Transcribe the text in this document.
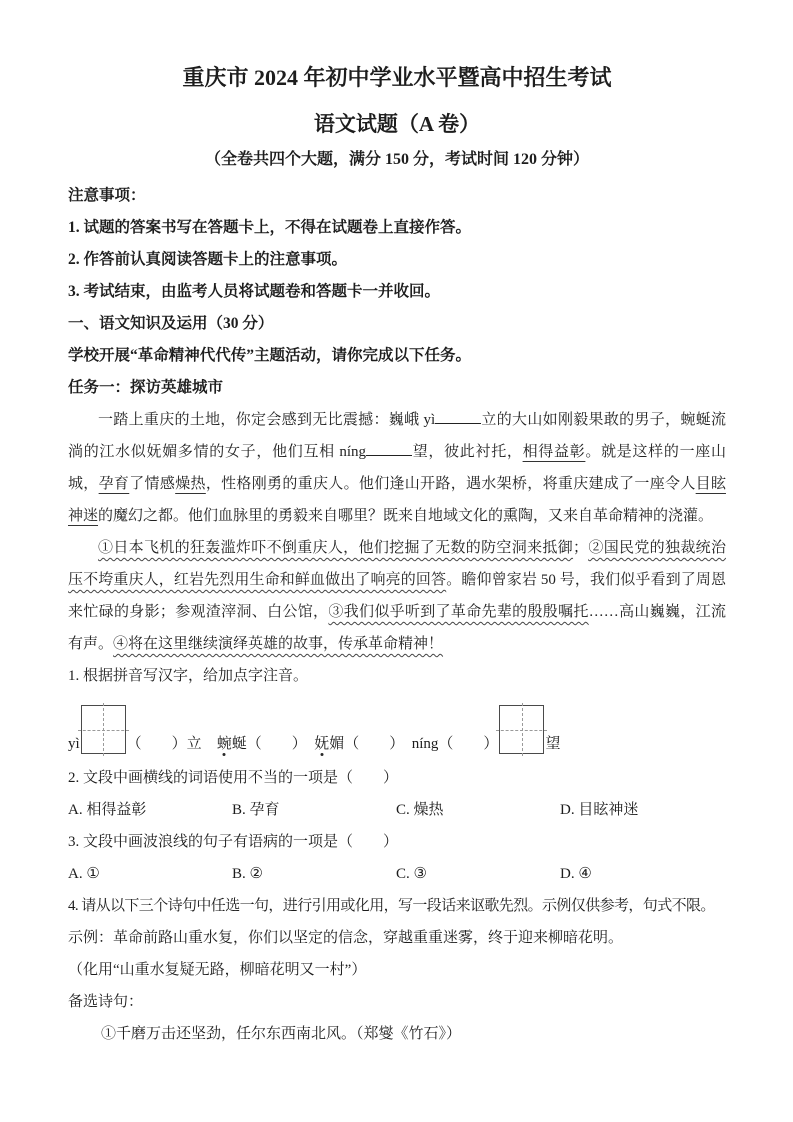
重庆市 2024 年初中学业水平暨高中招生考试
语文试题（A 卷）
（全卷共四个大题，满分 150 分，考试时间 120 分钟）
注意事项：
1. 试题的答案书写在答题卡上，不得在试题卷上直接作答。
2. 作答前认真阅读答题卡上的注意事项。
3. 考试结束，由监考人员将试题卷和答题卡一并收回。
一、语文知识及运用（30 分）
学校开展“革命精神代代传”主题活动，请你完成以下任务。
任务一：探访英雄城市

一踏上重庆的土地，你定会感到无比震撼：巍峨 yì	立的大山如刚毅果敢的男子，蜿蜒流淌的江水似妩媚多情的女子，他们互相 níng	望，彼此衬托，相得益彰。就是这样的一座山城，孕育了情感燥热，性格刚勇的重庆人。他们逢山开路，遇水架桥，将重庆建成了一座令人目眩神迷的魔幻之都。他们血脉里的勇毅来自哪里？既来自地域文化的熏陶，又来自革命精神的浇灌。

①日本飞机的狂轰滥炸吓不倒重庆人，他们挖掘了无数的防空洞来抵御；②国民党的独裁统治压不垮重庆人，红岩先烈用生命和鲜血做出了响亮的回答。瞻仰曾家岩 50 号，我们似乎看到了周恩来忙碌的身影；参观渣滓洞、白公馆，③我们似乎听到了革命先辈的殷殷嘱托……高山巍巍，江流有声。④将在这里继续演绎英雄的故事，传承革命精神！

1. 根据拼音写汉字，给加点字注音。
yì	（　　）立　 蜿蜒 （　　）　 妩媚 （　　）　níng（　　）	望
2. 文段中画横线的词语使用不当的一项是（　　）
A. 相得益彰	B. 孕育	C. 燥热	D. 目眩神迷
3. 文段中画波浪线的句子有语病的一项是（　　）
A. ①	B. ②	C. ③	D. ④
4. 请从以下三个诗句中任选一句，进行引用或化用，写一段话来讴歌先烈。示例仅供参考，句式不限。
示例：革命前路山重水复，你们以坚定的信念，穿越重重迷雾，终于迎来柳暗花明。
（化用“山重水复疑无路，柳暗花明又一村”）
备选诗句：
①千磨万击还坚劲，任尔东西南北风。（郑燮《竹石》）
